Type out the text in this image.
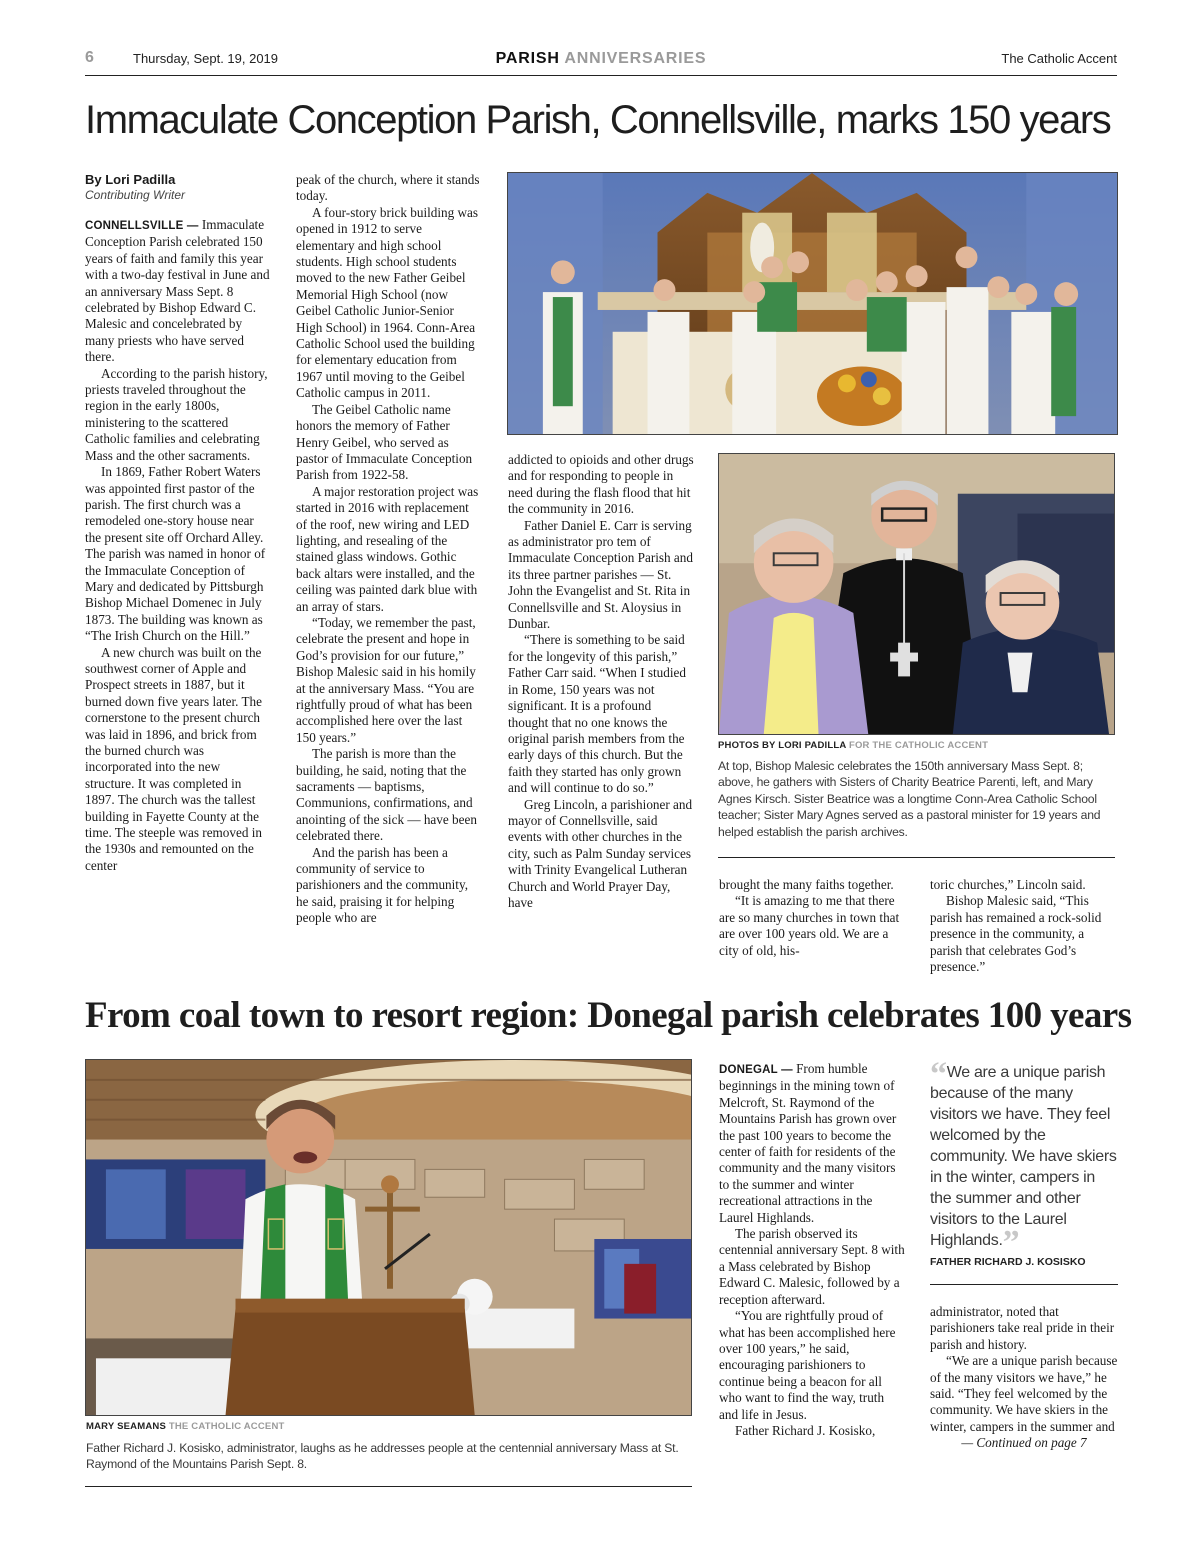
6	Thursday, Sept. 19, 2019	PARISH ANNIVERSARIES	The Catholic Accent
Immaculate Conception Parish, Connellsville, marks 150 years
By Lori Padilla
Contributing Writer

CONNELLSVILLE — Immaculate Conception Parish celebrated 150 years of faith and family this year with a two-day festival in June and an anniversary Mass Sept. 8 celebrated by Bishop Edward C. Malesic and concelebrated by many priests who have served there.

According to the parish history, priests traveled throughout the region in the early 1800s, ministering to the scattered Catholic families and celebrating Mass and the other sacraments.

In 1869, Father Robert Waters was appointed first pastor of the parish. The first church was a remodeled one-story house near the present site off Orchard Alley. The parish was named in honor of the Immaculate Conception of Mary and dedicated by Pittsburgh Bishop Michael Domenec in July 1873. The building was known as “The Irish Church on the Hill.”

A new church was built on the southwest corner of Apple and Prospect streets in 1887, but it burned down five years later. The cornerstone to the present church was laid in 1896, and brick from the burned church was incorporated into the new structure. It was completed in 1897. The church was the tallest building in Fayette County at the time. The steeple was removed in the 1930s and remounted on the center

peak of the church, where it stands today.

A four-story brick building was opened in 1912 to serve elementary and high school students. High school students moved to the new Father Geibel Memorial High School (now Geibel Catholic Junior-Senior High School) in 1964. Conn-Area Catholic School used the building for elementary education from 1967 until moving to the Geibel Catholic campus in 2011.

The Geibel Catholic name honors the memory of Father Henry Geibel, who served as pastor of Immaculate Conception Parish from 1922-58.

A major restoration project was started in 2016 with replacement of the roof, new wiring and LED lighting, and resealing of the stained glass windows. Gothic back altars were installed, and the ceiling was painted dark blue with an array of stars.

“Today, we remember the past, celebrate the present and hope in God’s provision for our future,” Bishop Malesic said in his homily at the anniversary Mass. “You are rightfully proud of what has been accomplished here over the last 150 years.”

The parish is more than the building, he said, noting that the sacraments — baptisms, Communions, confirmations, and anointing of the sick — have been celebrated there.

And the parish has been a community of service to parishioners and the community, he said, praising it for helping people who are

addicted to opioids and other drugs and for responding to people in need during the flash flood that hit the community in 2016.

Father Daniel E. Carr is serving as administrator pro tem of Immaculate Conception Parish and its three partner parishes — St. John the Evangelist and St. Rita in Connellsville and St. Aloysius in Dunbar.

“There is something to be said for the longevity of this parish,” Father Carr said. “When I studied in Rome, 150 years was not significant. It is a profound thought that no one knows the original parish members from the early days of this church. But the faith they started has only grown and will continue to do so.”

Greg Lincoln, a parishioner and mayor of Connellsville, said events with other churches in the city, such as Palm Sunday services with Trinity Evangelical Lutheran Church and World Prayer Day, have

PHOTOS BY LORI PADILLA FOR THE CATHOLIC ACCENT
At top, Bishop Malesic celebrates the 150th anniversary Mass Sept. 8; above, he gathers with Sisters of Charity Beatrice Parenti, left, and Mary Agnes Kirsch. Sister Beatrice was a longtime Conn-Area Catholic School teacher; Sister Mary Agnes served as a pastoral minister for 19 years and helped establish the parish archives.

brought the many faiths together.

“It is amazing to me that there are so many churches in town that are over 100 years old. We are a city of old, his-

toric churches,” Lincoln said.

Bishop Malesic said, “This parish has remained a rock-solid presence in the community, a parish that celebrates God’s presence.”

From coal town to resort region: Donegal parish celebrates 100 years
MARY SEAMANS THE CATHOLIC ACCENT
Father Richard J. Kosisko, administrator, laughs as he addresses people at the centennial anniversary Mass at St. Raymond of the Mountains Parish Sept. 8.

DONEGAL — From humble beginnings in the mining town of Melcroft, St. Raymond of the Mountains Parish has grown over the past 100 years to become the center of faith for residents of the community and the many visitors to the summer and winter recreational attractions in the Laurel Highlands.

The parish observed its centennial anniversary Sept. 8 with a Mass celebrated by Bishop Edward C. Malesic, followed by a reception afterward.

“You are rightfully proud of what has been accomplished here over 100 years,” he said, encouraging parishioners to continue being a beacon for all who want to find the way, truth and life in Jesus.

Father Richard J. Kosisko,

“We are a unique parish because of the many visitors we have. They feel welcomed by the community. We have skiers in the winter, campers in the summer and other visitors to the Laurel Highlands.”
FATHER RICHARD J. KOSISKO

administrator, noted that parishioners take real pride in their parish and history.

“We are a unique parish because of the many visitors we have,” he said. “They feel welcomed by the community. We have skiers in the winter, campers in the summer and

— Continued on page 7
